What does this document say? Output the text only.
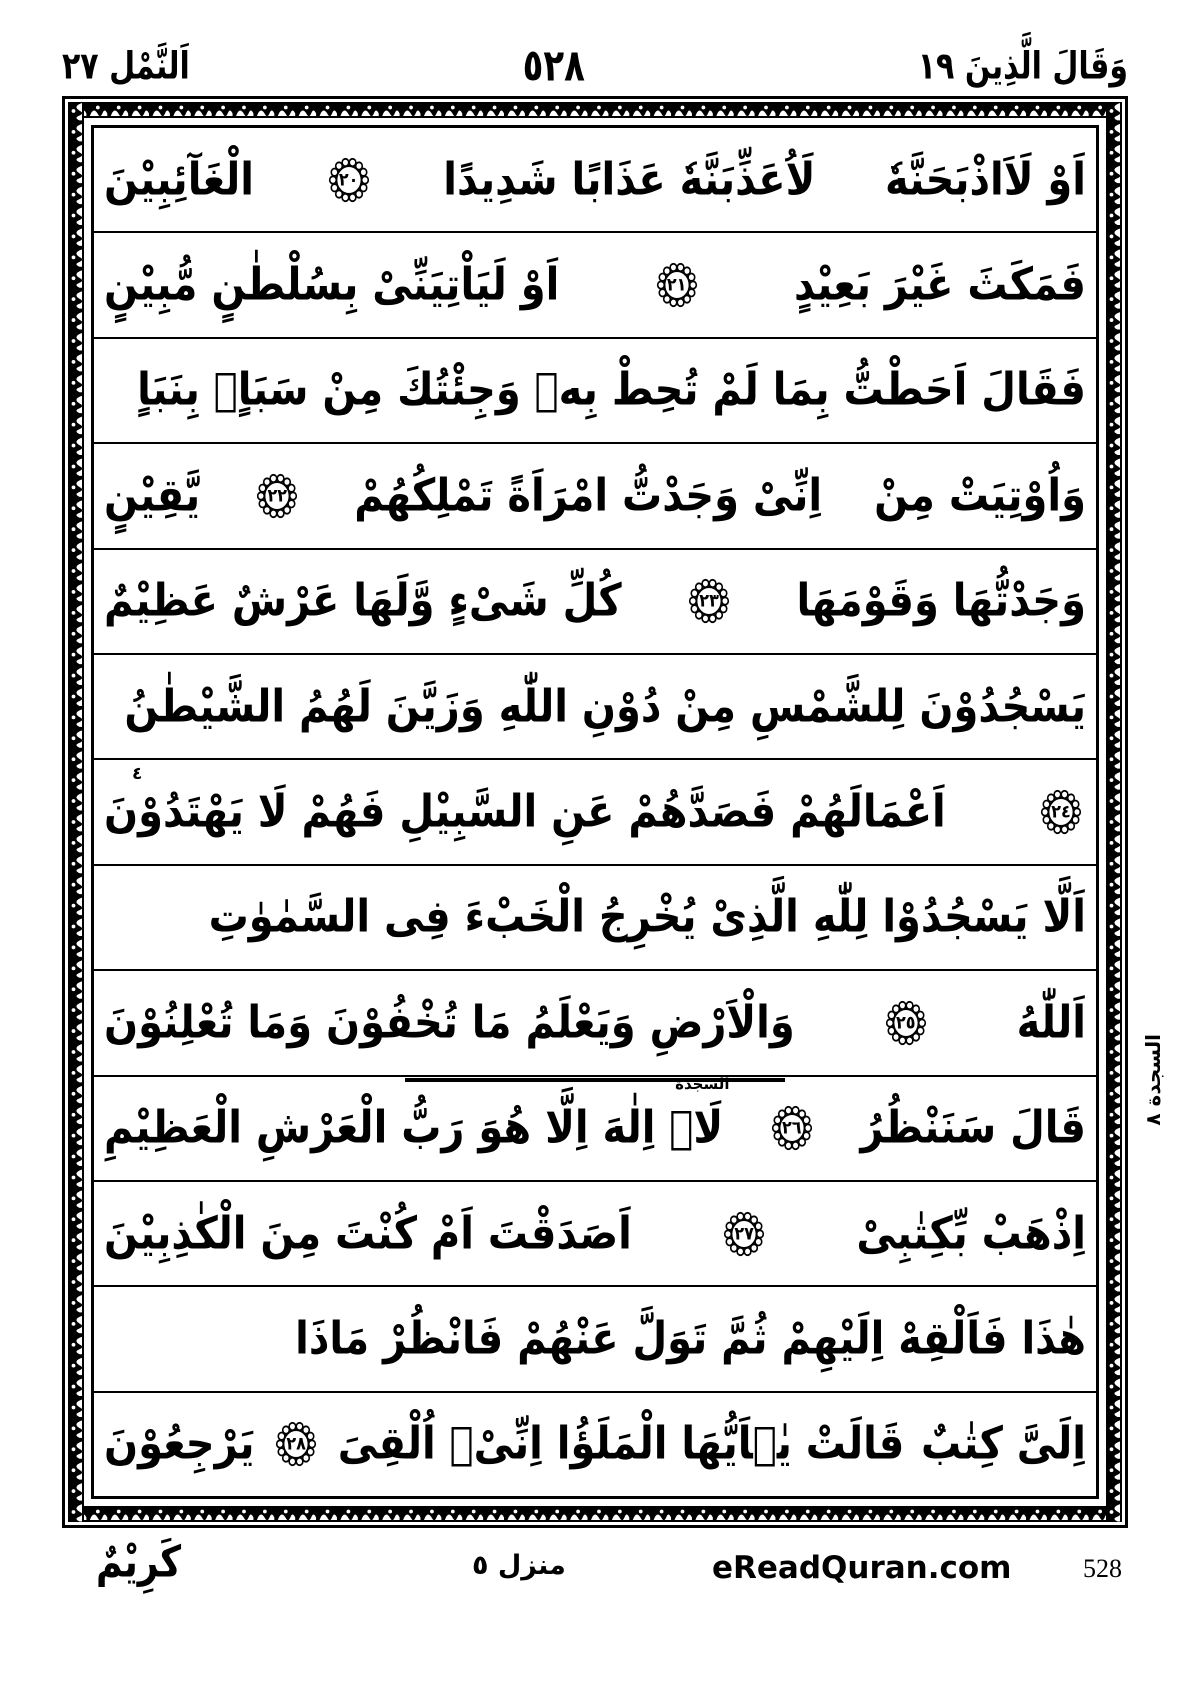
اَلنَّمْل ٢٧	٥٢٨	وَقَالَ الَّذِينَ ١٩
اَوْ لَاَاذْبَحَنَّهٗ
لَاُعَذِّبَنَّهٗ عَذَابًا شَدِيدًا
٢٠
الْغَآئِبِيْنَ
فَمَكَثَ غَيْرَ بَعِيْدٍ
٢١
اَوْ لَيَاْتِيَنِّىْ بِسُلْطٰنٍ مُّبِيْنٍ
فَقَالَ اَحَطْتُّ بِمَا لَمْ تُحِطْ بِهٖ وَجِئْتُكَ مِنْ سَبَاٍۭ بِنَبَاٍ
وَاُوْتِيَتْ مِنْ
اِنِّىْ وَجَدْتُّ امْرَاَةً تَمْلِكُهُمْ
٢٢
يَّقِيْنٍ
وَجَدْتُّهَا وَقَوْمَهَا
٢٣
كُلِّ شَىْءٍ وَّلَهَا عَرْشٌ عَظِيْمٌ
يَسْجُدُوْنَ لِلشَّمْسِ مِنْ دُوْنِ اللّٰهِ وَزَيَّنَ لَهُمُ الشَّيْطٰنُ
٤
٢٤
اَعْمَالَهُمْ فَصَدَّهُمْ عَنِ السَّبِيْلِ فَهُمْ لَا يَهْتَدُوْنَ
اَلَّا يَسْجُدُوْا لِلّٰهِ الَّذِىْ يُخْرِجُ الْخَبْءَ فِى السَّمٰوٰتِ
اَللّٰهُ
٢٥
وَالْاَرْضِ وَيَعْلَمُ مَا تُخْفُوْنَ وَمَا تُعْلِنُوْنَ
السجدة
قَالَ سَنَنْظُرُ
٢٦
لَاۤ اِلٰهَ اِلَّا هُوَ رَبُّ الْعَرْشِ الْعَظِيْمِ
اِذْهَبْ بِّكِتٰبِىْ
٢٧
اَصَدَقْتَ اَمْ كُنْتَ مِنَ الْكٰذِبِيْنَ
هٰذَا فَاَلْقِهْ اِلَيْهِمْ ثُمَّ تَوَلَّ عَنْهُمْ فَانْظُرْ مَاذَا
اِلَىَّ كِتٰبٌ
قَالَتْ يٰۤاَيُّهَا الْمَلَؤُا اِنِّىْۤ اُلْقِىَ
٢٨
يَرْجِعُوْنَ
السجدة ٨
كَرِيْمٌ	منزل ٥	eReadQuran.com	528
